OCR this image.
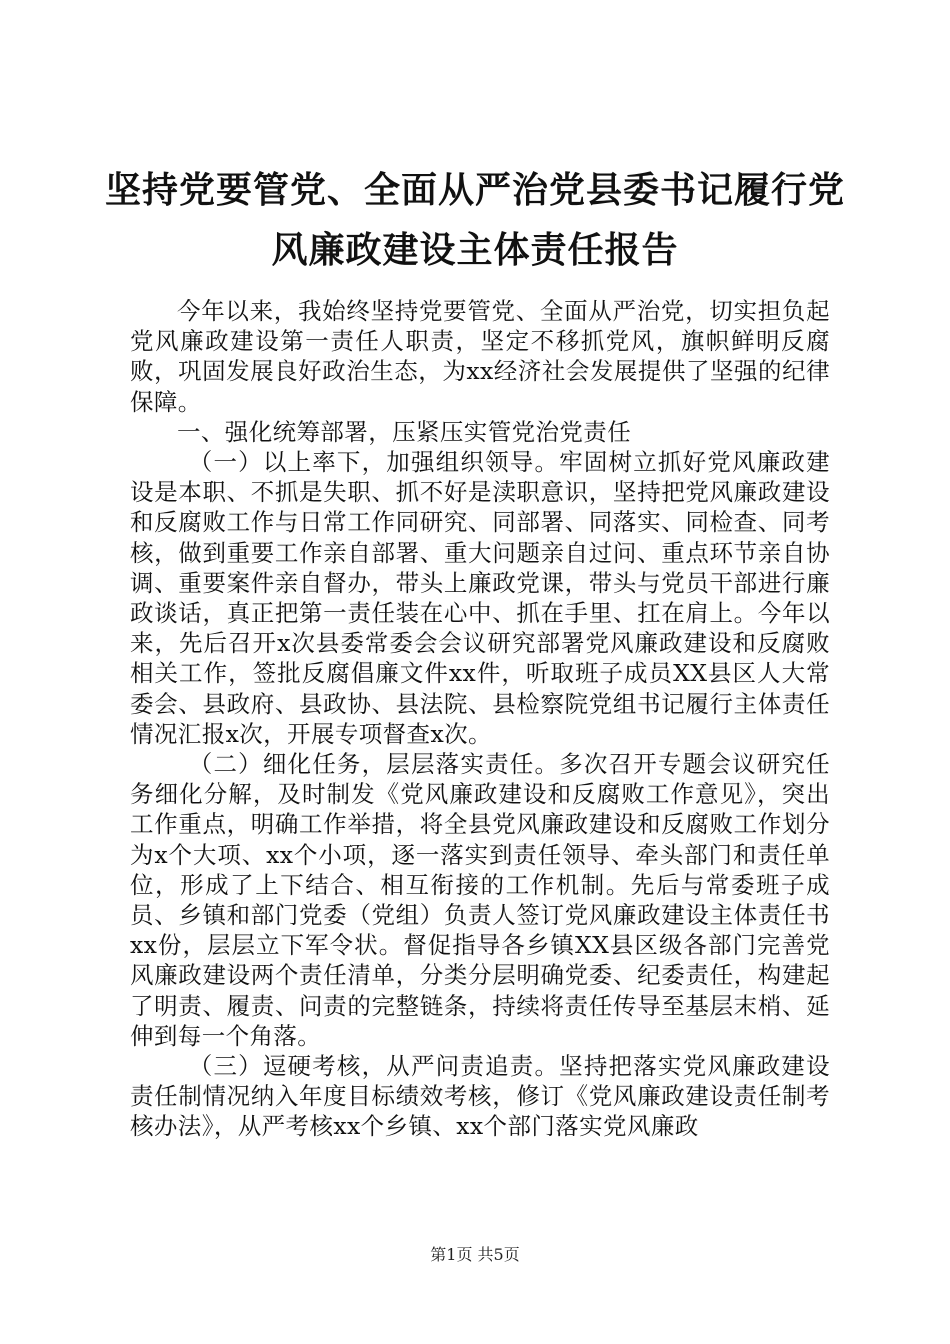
坚持党要管党、全面从严治党县委书记履行党
风廉政建设主体责任报告

今年以来，我始终坚持党要管党、全面从严治党，切实担负起党风廉政建设第一责任人职责，坚定不移抓党风，旗帜鲜明反腐败，巩固发展良好政治生态，为xx经济社会发展提供了坚强的纪律保障。

一、强化统筹部署，压紧压实管党治党责任

（一）以上率下，加强组织领导。牢固树立抓好党风廉政建设是本职、不抓是失职、抓不好是渎职意识，坚持把党风廉政建设和反腐败工作与日常工作同研究、同部署、同落实、同检查、同考核，做到重要工作亲自部署、重大问题亲自过问、重点环节亲自协调、重要案件亲自督办，带头上廉政党课，带头与党员干部进行廉政谈话，真正把第一责任装在心中、抓在手里、扛在肩上。今年以来，先后召开x次县委常委会会议研究部署党风廉政建设和反腐败相关工作，签批反腐倡廉文件xx件，听取班子成员XX县区人大常委会、县政府、县政协、县法院、县检察院党组书记履行主体责任情况汇报x次，开展专项督查x次。

（二）细化任务，层层落实责任。多次召开专题会议研究任务细化分解，及时制发《党风廉政建设和反腐败工作意见》，突出工作重点，明确工作举措，将全县党风廉政建设和反腐败工作划分为x个大项、xx个小项，逐一落实到责任领导、牵头部门和责任单位，形成了上下结合、相互衔接的工作机制。先后与常委班子成员、乡镇和部门党委（党组）负责人签订党风廉政建设主体责任书xx份，层层立下军令状。督促指导各乡镇XX县区级各部门完善党风廉政建设两个责任清单，分类分层明确党委、纪委责任，构建起了明责、履责、问责的完整链条，持续将责任传导至基层末梢、延伸到每一个角落。

（三）逗硬考核，从严问责追责。坚持把落实党风廉政建设责任制情况纳入年度目标绩效考核，修订《党风廉政建设责任制考核办法》，从严考核xx个乡镇、xx个部门落实党风廉政

第1页 共5页
